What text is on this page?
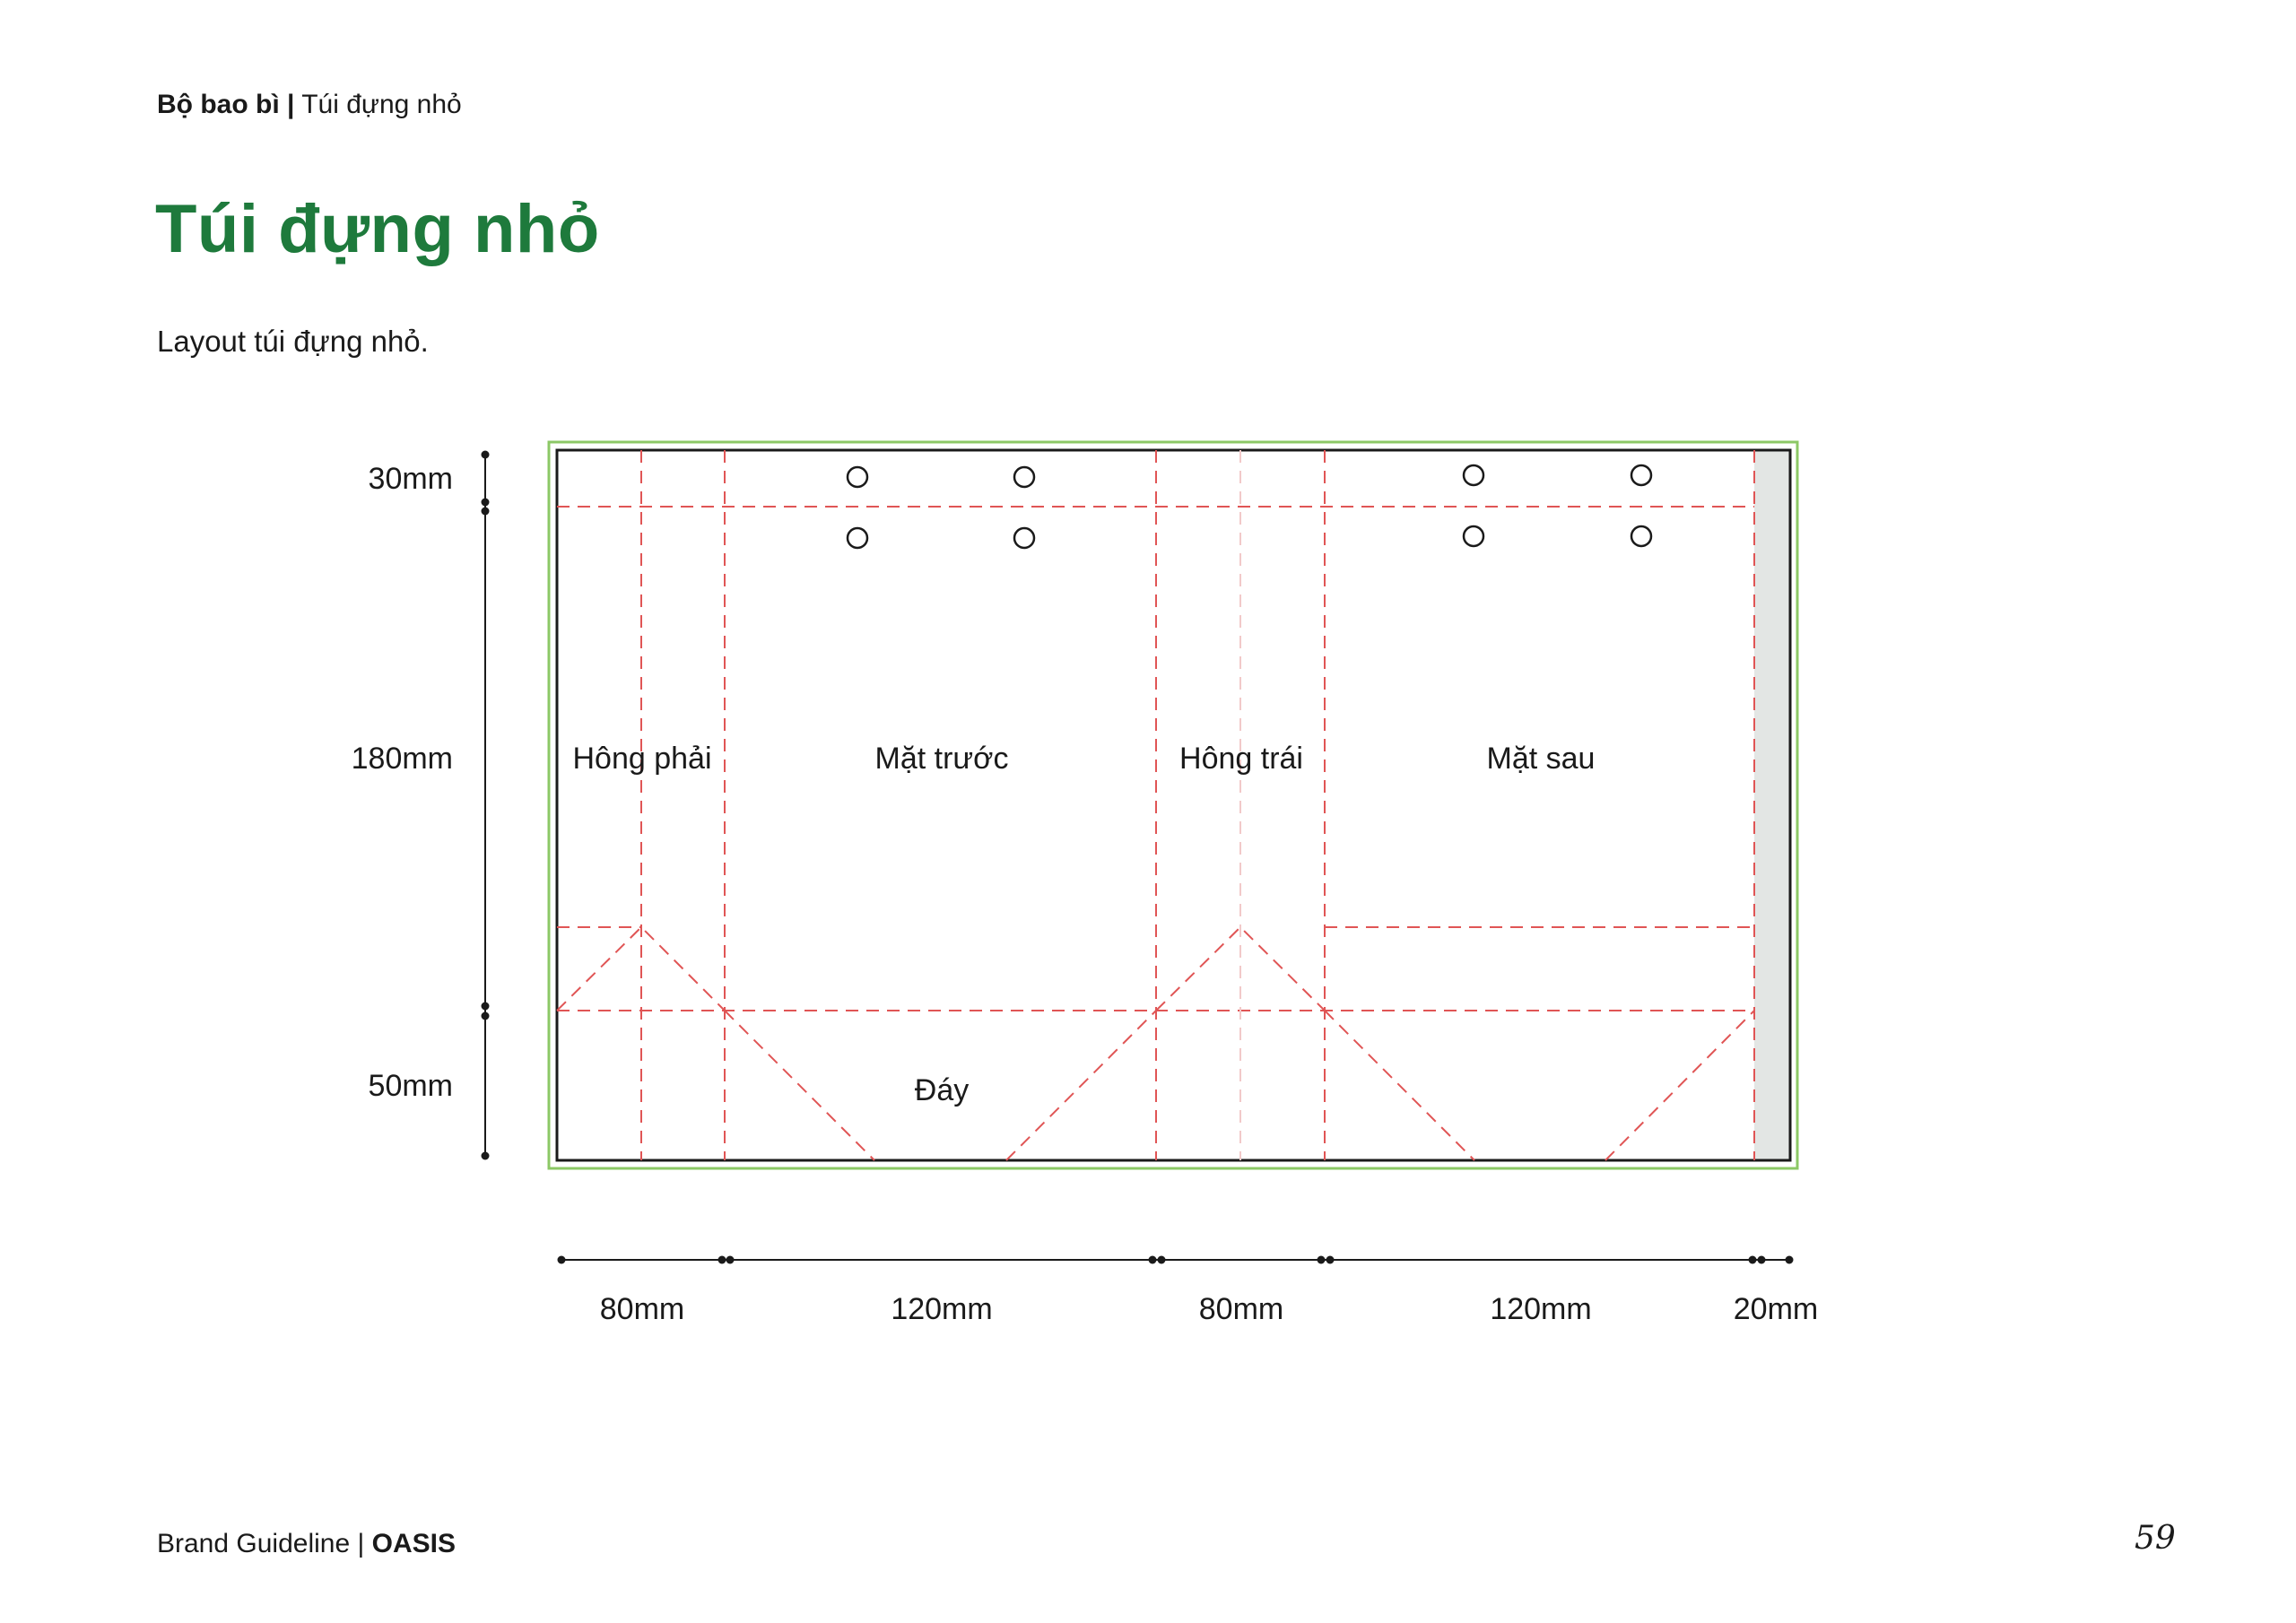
Bộ bao bì | Túi đựng nhỏ
Túi đựng nhỏ
Layout túi đựng nhỏ.
Hông phải	Mặt trước	Hông trái	Mặt sau
Đáy
30mm
180mm
50mm
80mm	120mm	80mm	120mm	20mm
Brand Guideline | OASIS	59
